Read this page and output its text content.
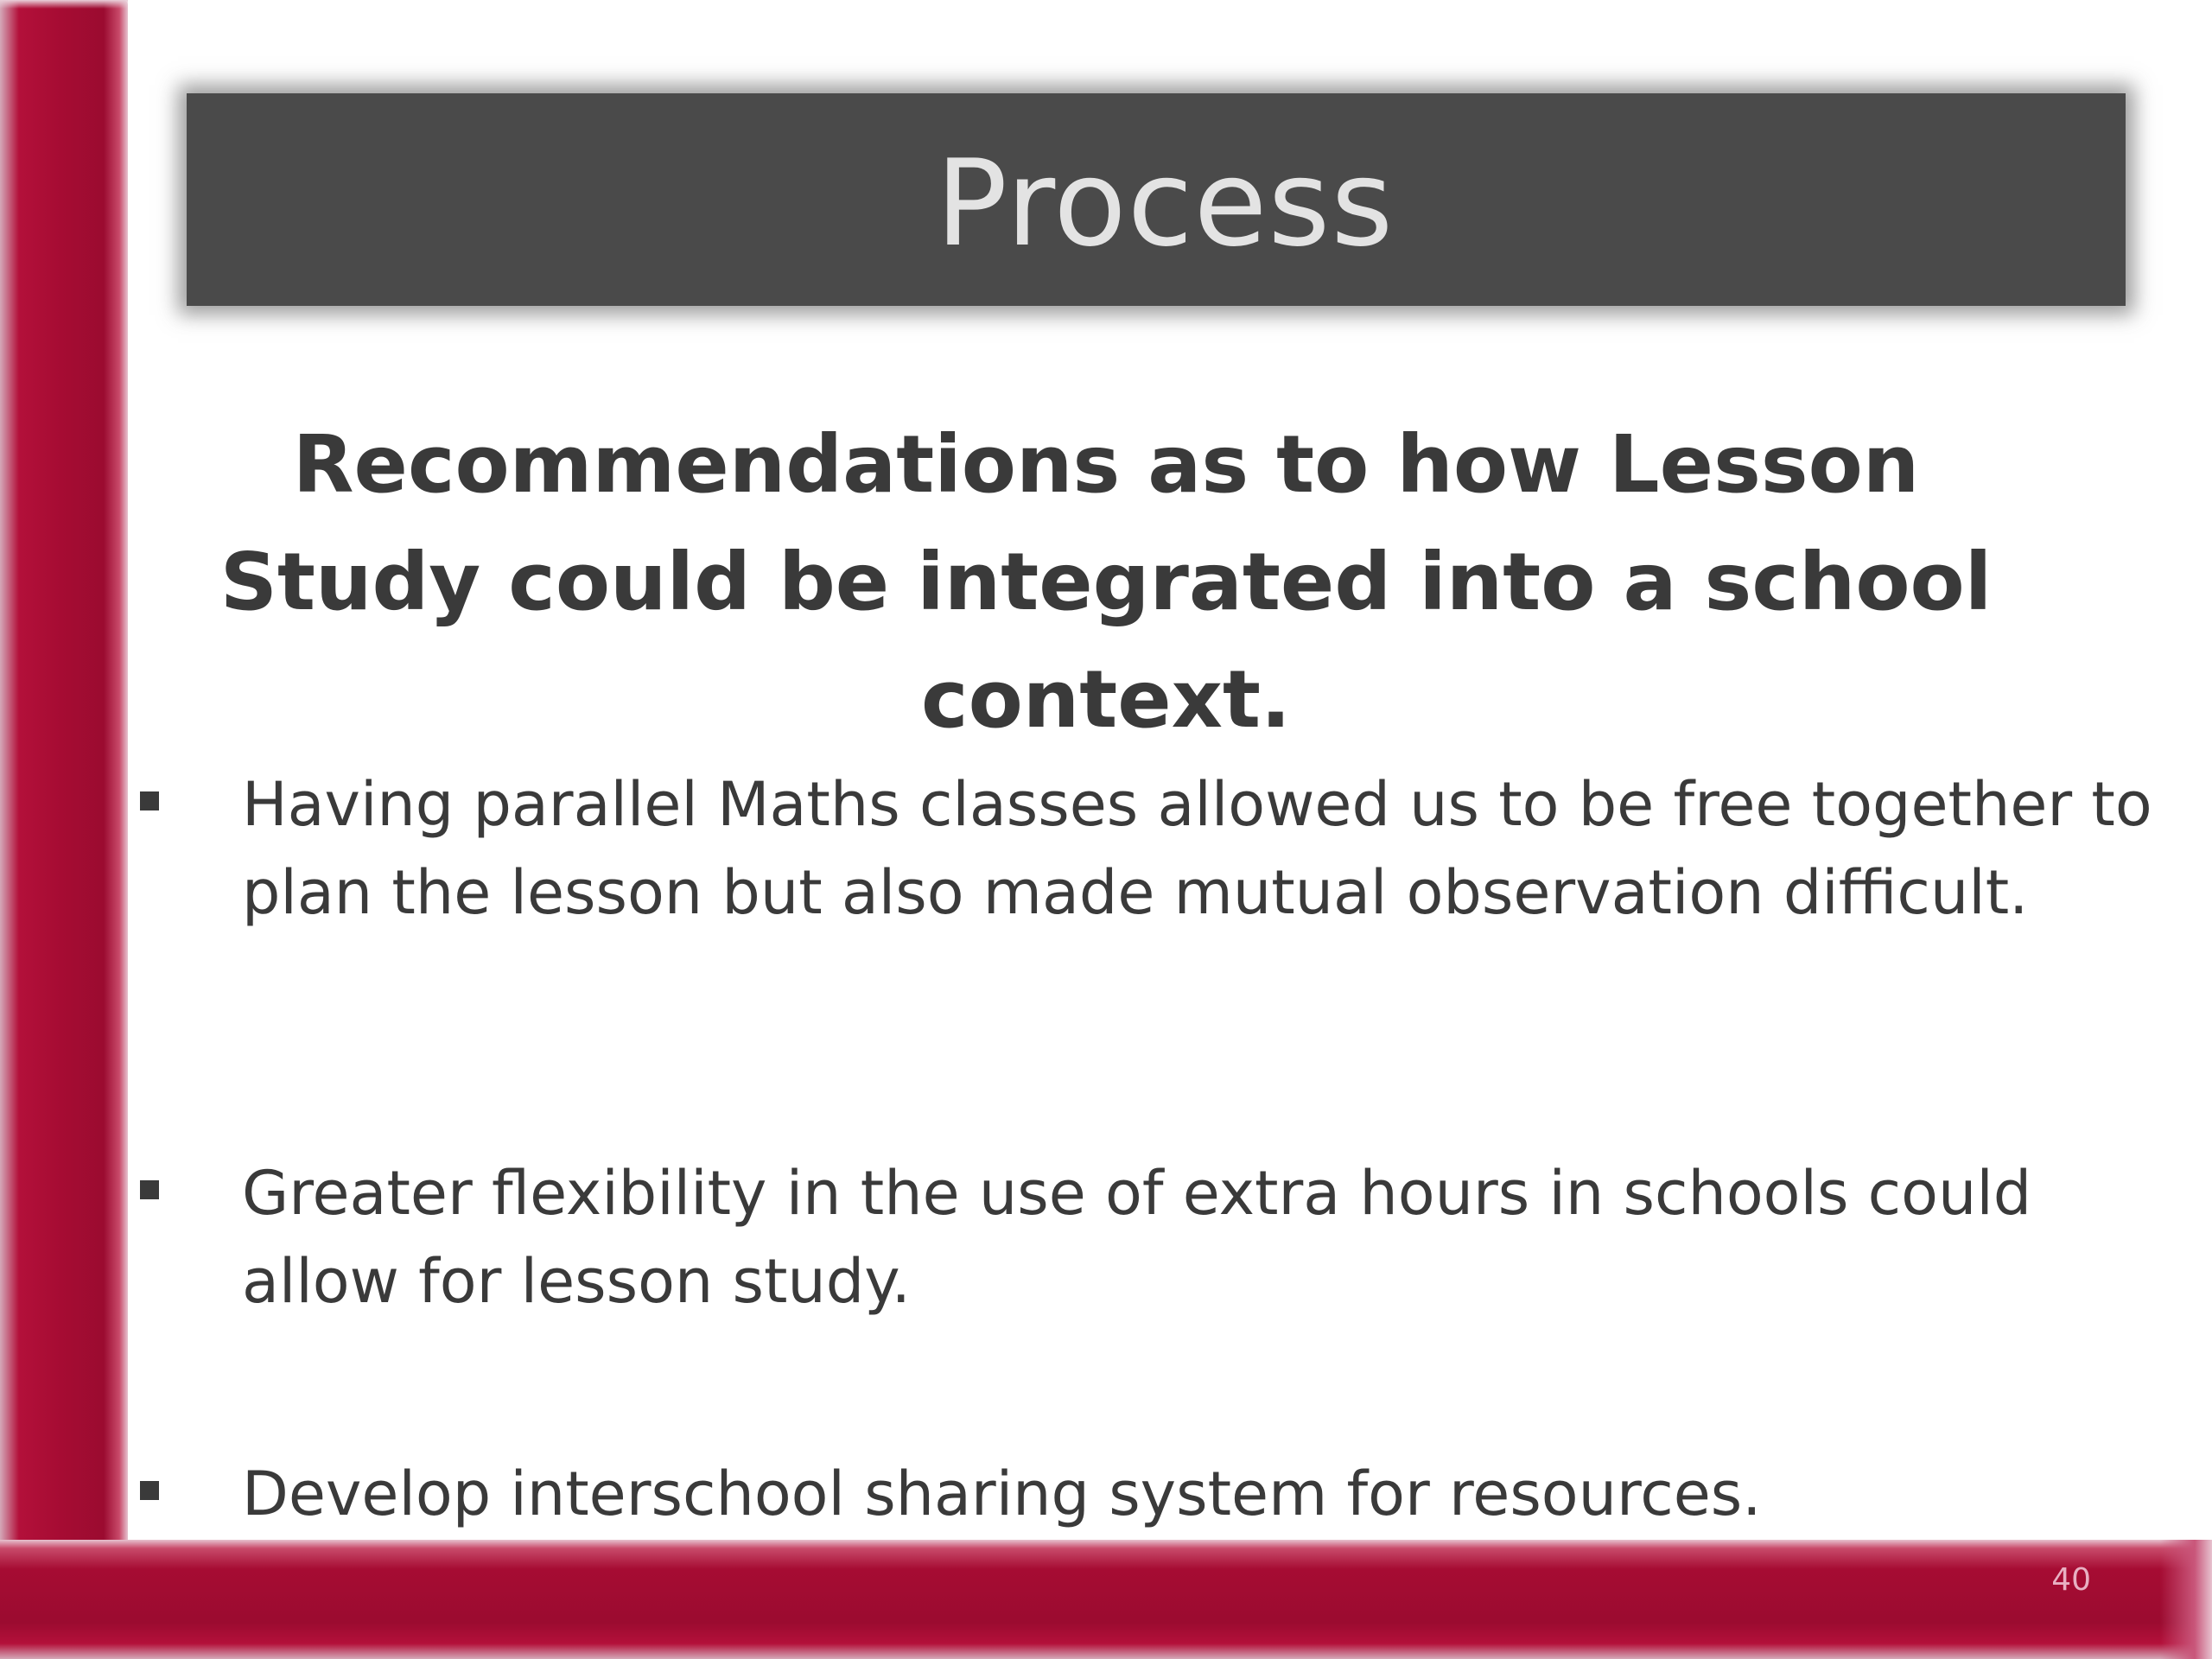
Process
Recommendations as to how Lesson Study could be integrated into a school context.
Having parallel Maths classes allowed us to be free together to plan the lesson but also made mutual observation difficult.
Greater flexibility in the use of extra hours in schools could allow for lesson study.
Develop interschool sharing system for resources.
40
